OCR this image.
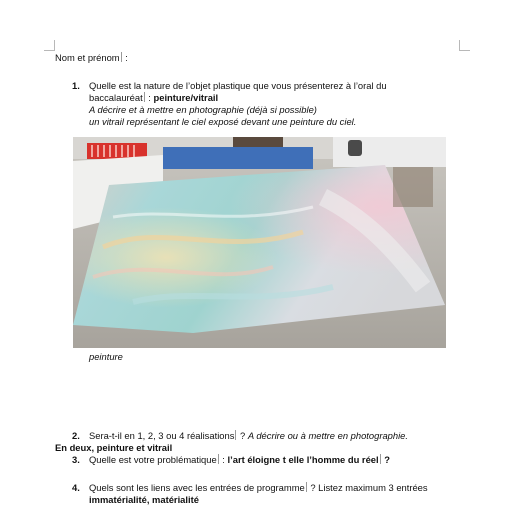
Nom et prénom :
1. Quelle est la nature de l’objet plastique que vous présenterez à l’oral du
baccalauréat : peinture/vitrail
A décrire et à mettre en photographie (déjà si possible)
un vitrail représentant le ciel exposé devant une peinture du ciel.
peinture
2. Sera-t-il en 1, 2, 3 ou 4 réalisations ? A décrire ou à mettre en photographie.
En deux, peinture et vitrail
3. Quelle est votre problématique : l’art éloigne t elle l’homme du réel ?
4. Quels sont les liens avec les entrées de programme ? Listez maximum 3 entrées
immatérialité, matérialité
